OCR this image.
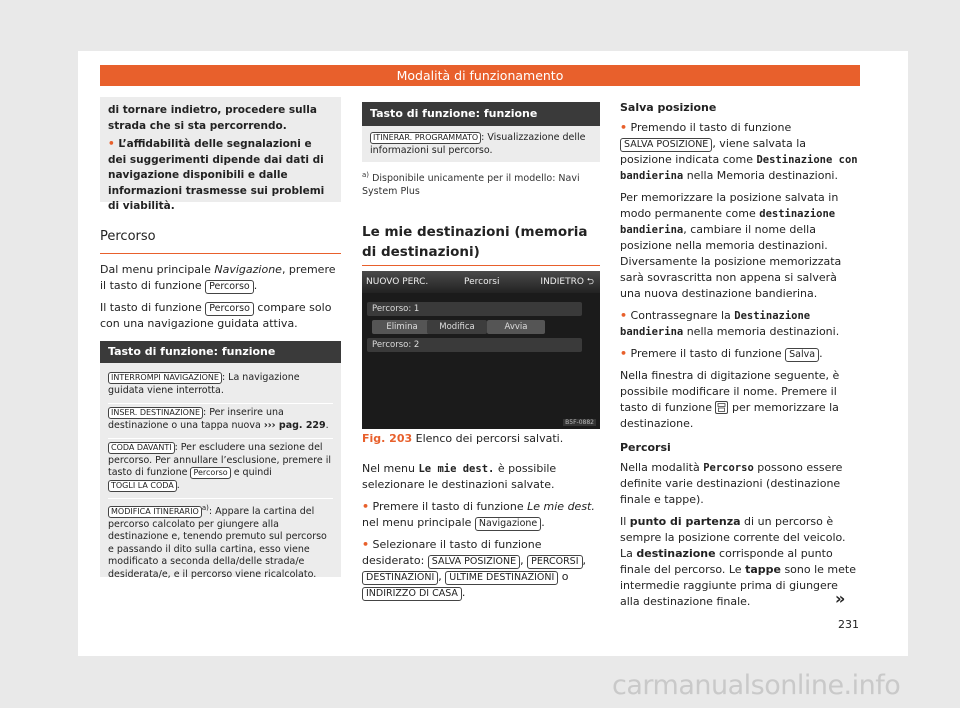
Modalità di funzionamento

di tornare indietro, procedere sulla strada che si sta percorrendo.

• L’affidabilità delle segnalazioni e dei suggerimenti dipende dai dati di navigazione disponibili e dalle informazioni trasmesse sui problemi di viabilità.

Percorso

Dal menu principale Navigazione, premere il tasto di funzione Percorso .

Il tasto di funzione Percorso compare solo con una navigazione guidata attiva.

Tasto di funzione: funzione
INTERROMPI NAVIGAZIONE : La navigazione guidata viene interrotta.
INSER. DESTINAZIONE : Per inserire una destinazione o una tappa nuova ››› pag. 229.
CODA DAVANTI : Per escludere una sezione del percorso. Per annullare l’esclusione, premere il tasto di funzione Percorso e quindi TOGLI LA CODA .
MODIFICA ITINERARIO $^{a)}$: Appare la cartina del percorso calcolato per giungere alla destinazione e, tenendo premuto sul percorso e passando il dito sulla cartina, esso viene modificato a seconda della/delle strada/e desiderata/e, e il percorso viene ricalcolato.
Tasto di funzione: funzione
ITINERAR. PROGRAMMATO : Visualizzazione delle informazioni sul percorso.
$^{a)}$ Disponibile unicamente per il modello: Navi System Plus
Le mie destinazioni (memoria di destinazioni)
NUOVO PERC.	Percorsi	INDIETRO ⮌
Percorso: 1
Elimina	Modifica	Avvia
Percorso: 2
B5F-0882
Fig. 203 Elenco dei percorsi salvati.

Nel menu Le mie dest. è possibile selezionare le destinazioni salvate.

• Premere il tasto di funzione Le mie dest. nel menu principale Navigazione .

• Selezionare il tasto di funzione desiderato: SALVA POSIZIONE , PERCORSI , DESTINAZIONI , ULTIME DESTINAZIONI o INDIRIZZO DI CASA .

Salva posizione

• Premendo il tasto di funzione SALVA POSIZIONE , viene salvata la posizione indicata come Destinazione con bandierina nella Memoria destinazioni.

Per memorizzare la posizione salvata in modo permanente come destinazione bandierina, cambiare il nome della posizione nella memoria destinazioni. Diversamente la posizione memorizzata sarà sovrascritta non appena si salverà una nuova destinazione bandierina.

• Contrassegnare la Destinazione bandierina nella memoria destinazioni.

• Premere il tasto di funzione Salva .

Nella finestra di digitazione seguente, è possibile modificare il nome. Premere il tasto di funzione  per memorizzare la destinazione.

Percorsi

Nella modalità Percorso possono essere definite varie destinazioni (destinazione finale e tappe).

Il punto di partenza di un percorso è sempre la posizione corrente del veicolo. La destinazione corrisponde al punto finale del percorso. Le tappe sono le mete intermedie raggiunte prima di giungere alla destinazione finale.	»
231
carmanualsonline.info
